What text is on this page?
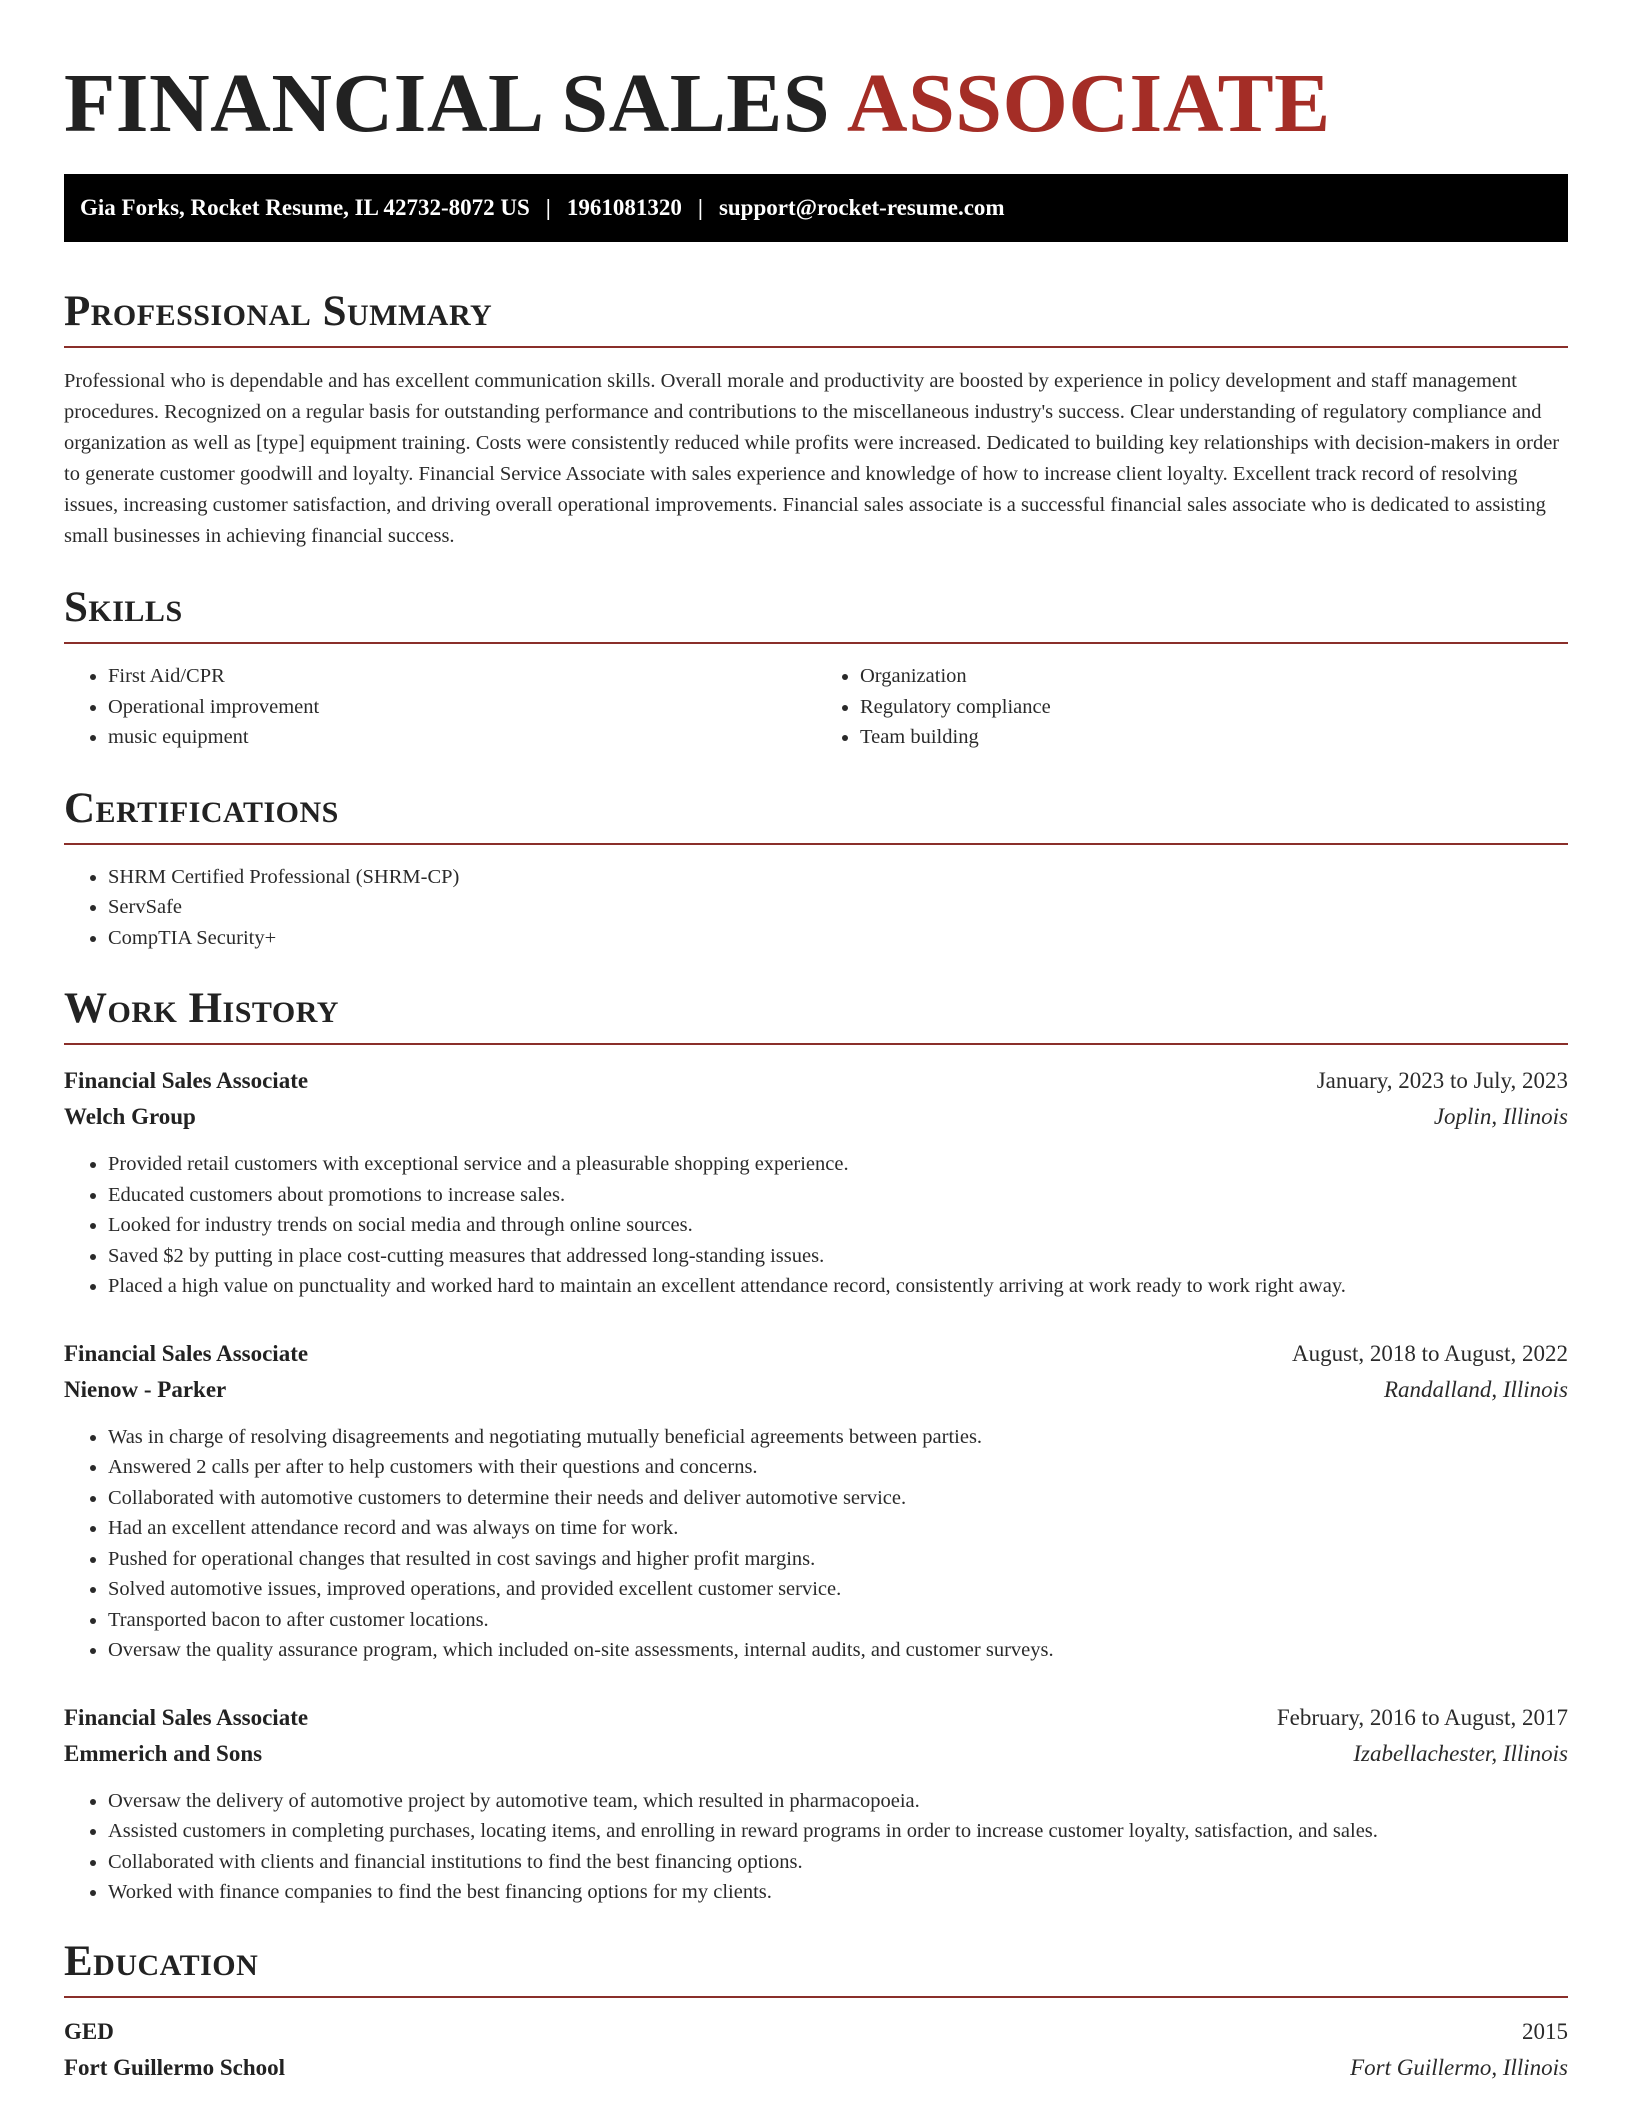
FINANCIAL SALES ASSOCIATE
Gia Forks, Rocket Resume, IL 42732-8072 US | 1961081320 | support@rocket-resume.com
Professional Summary

Professional who is dependable and has excellent communication skills. Overall morale and productivity are boosted by experience in policy development and staff management procedures. Recognized on a regular basis for outstanding performance and contributions to the miscellaneous industry's success. Clear understanding of regulatory compliance and organization as well as [type] equipment training. Costs were consistently reduced while profits were increased. Dedicated to building key relationships with decision-makers in order to generate customer goodwill and loyalty. Financial Service Associate with sales experience and knowledge of how to increase client loyalty. Excellent track record of resolving issues, increasing customer satisfaction, and driving overall operational improvements. Financial sales associate is a successful financial sales associate who is dedicated to assisting small businesses in achieving financial success.

Skills
• First Aid/CPR
• Operational improvement
• music equipment
• Organization
• Regulatory compliance
• Team building
Certifications
• SHRM Certified Professional (SHRM-CP)
• ServSafe
• CompTIA Security+
Work History
Financial Sales Associate	January, 2023 to July, 2023
Welch Group	Joplin, Illinois
• Provided retail customers with exceptional service and a pleasurable shopping experience.
• Educated customers about promotions to increase sales.
• Looked for industry trends on social media and through online sources.
• Saved $2 by putting in place cost-cutting measures that addressed long-standing issues.
• Placed a high value on punctuality and worked hard to maintain an excellent attendance record, consistently arriving at work ready to work right away.
Financial Sales Associate	August, 2018 to August, 2022
Nienow - Parker	Randalland, Illinois
• Was in charge of resolving disagreements and negotiating mutually beneficial agreements between parties.
• Answered 2 calls per after to help customers with their questions and concerns.
• Collaborated with automotive customers to determine their needs and deliver automotive service.
• Had an excellent attendance record and was always on time for work.
• Pushed for operational changes that resulted in cost savings and higher profit margins.
• Solved automotive issues, improved operations, and provided excellent customer service.
• Transported bacon to after customer locations.
• Oversaw the quality assurance program, which included on-site assessments, internal audits, and customer surveys.
Financial Sales Associate	February, 2016 to August, 2017
Emmerich and Sons	Izabellachester, Illinois
• Oversaw the delivery of automotive project by automotive team, which resulted in pharmacopoeia.
• Assisted customers in completing purchases, locating items, and enrolling in reward programs in order to increase customer loyalty, satisfaction, and sales.
• Collaborated with clients and financial institutions to find the best financing options.
• Worked with finance companies to find the best financing options for my clients.
Education
GED	2015
Fort Guillermo School	Fort Guillermo, Illinois
